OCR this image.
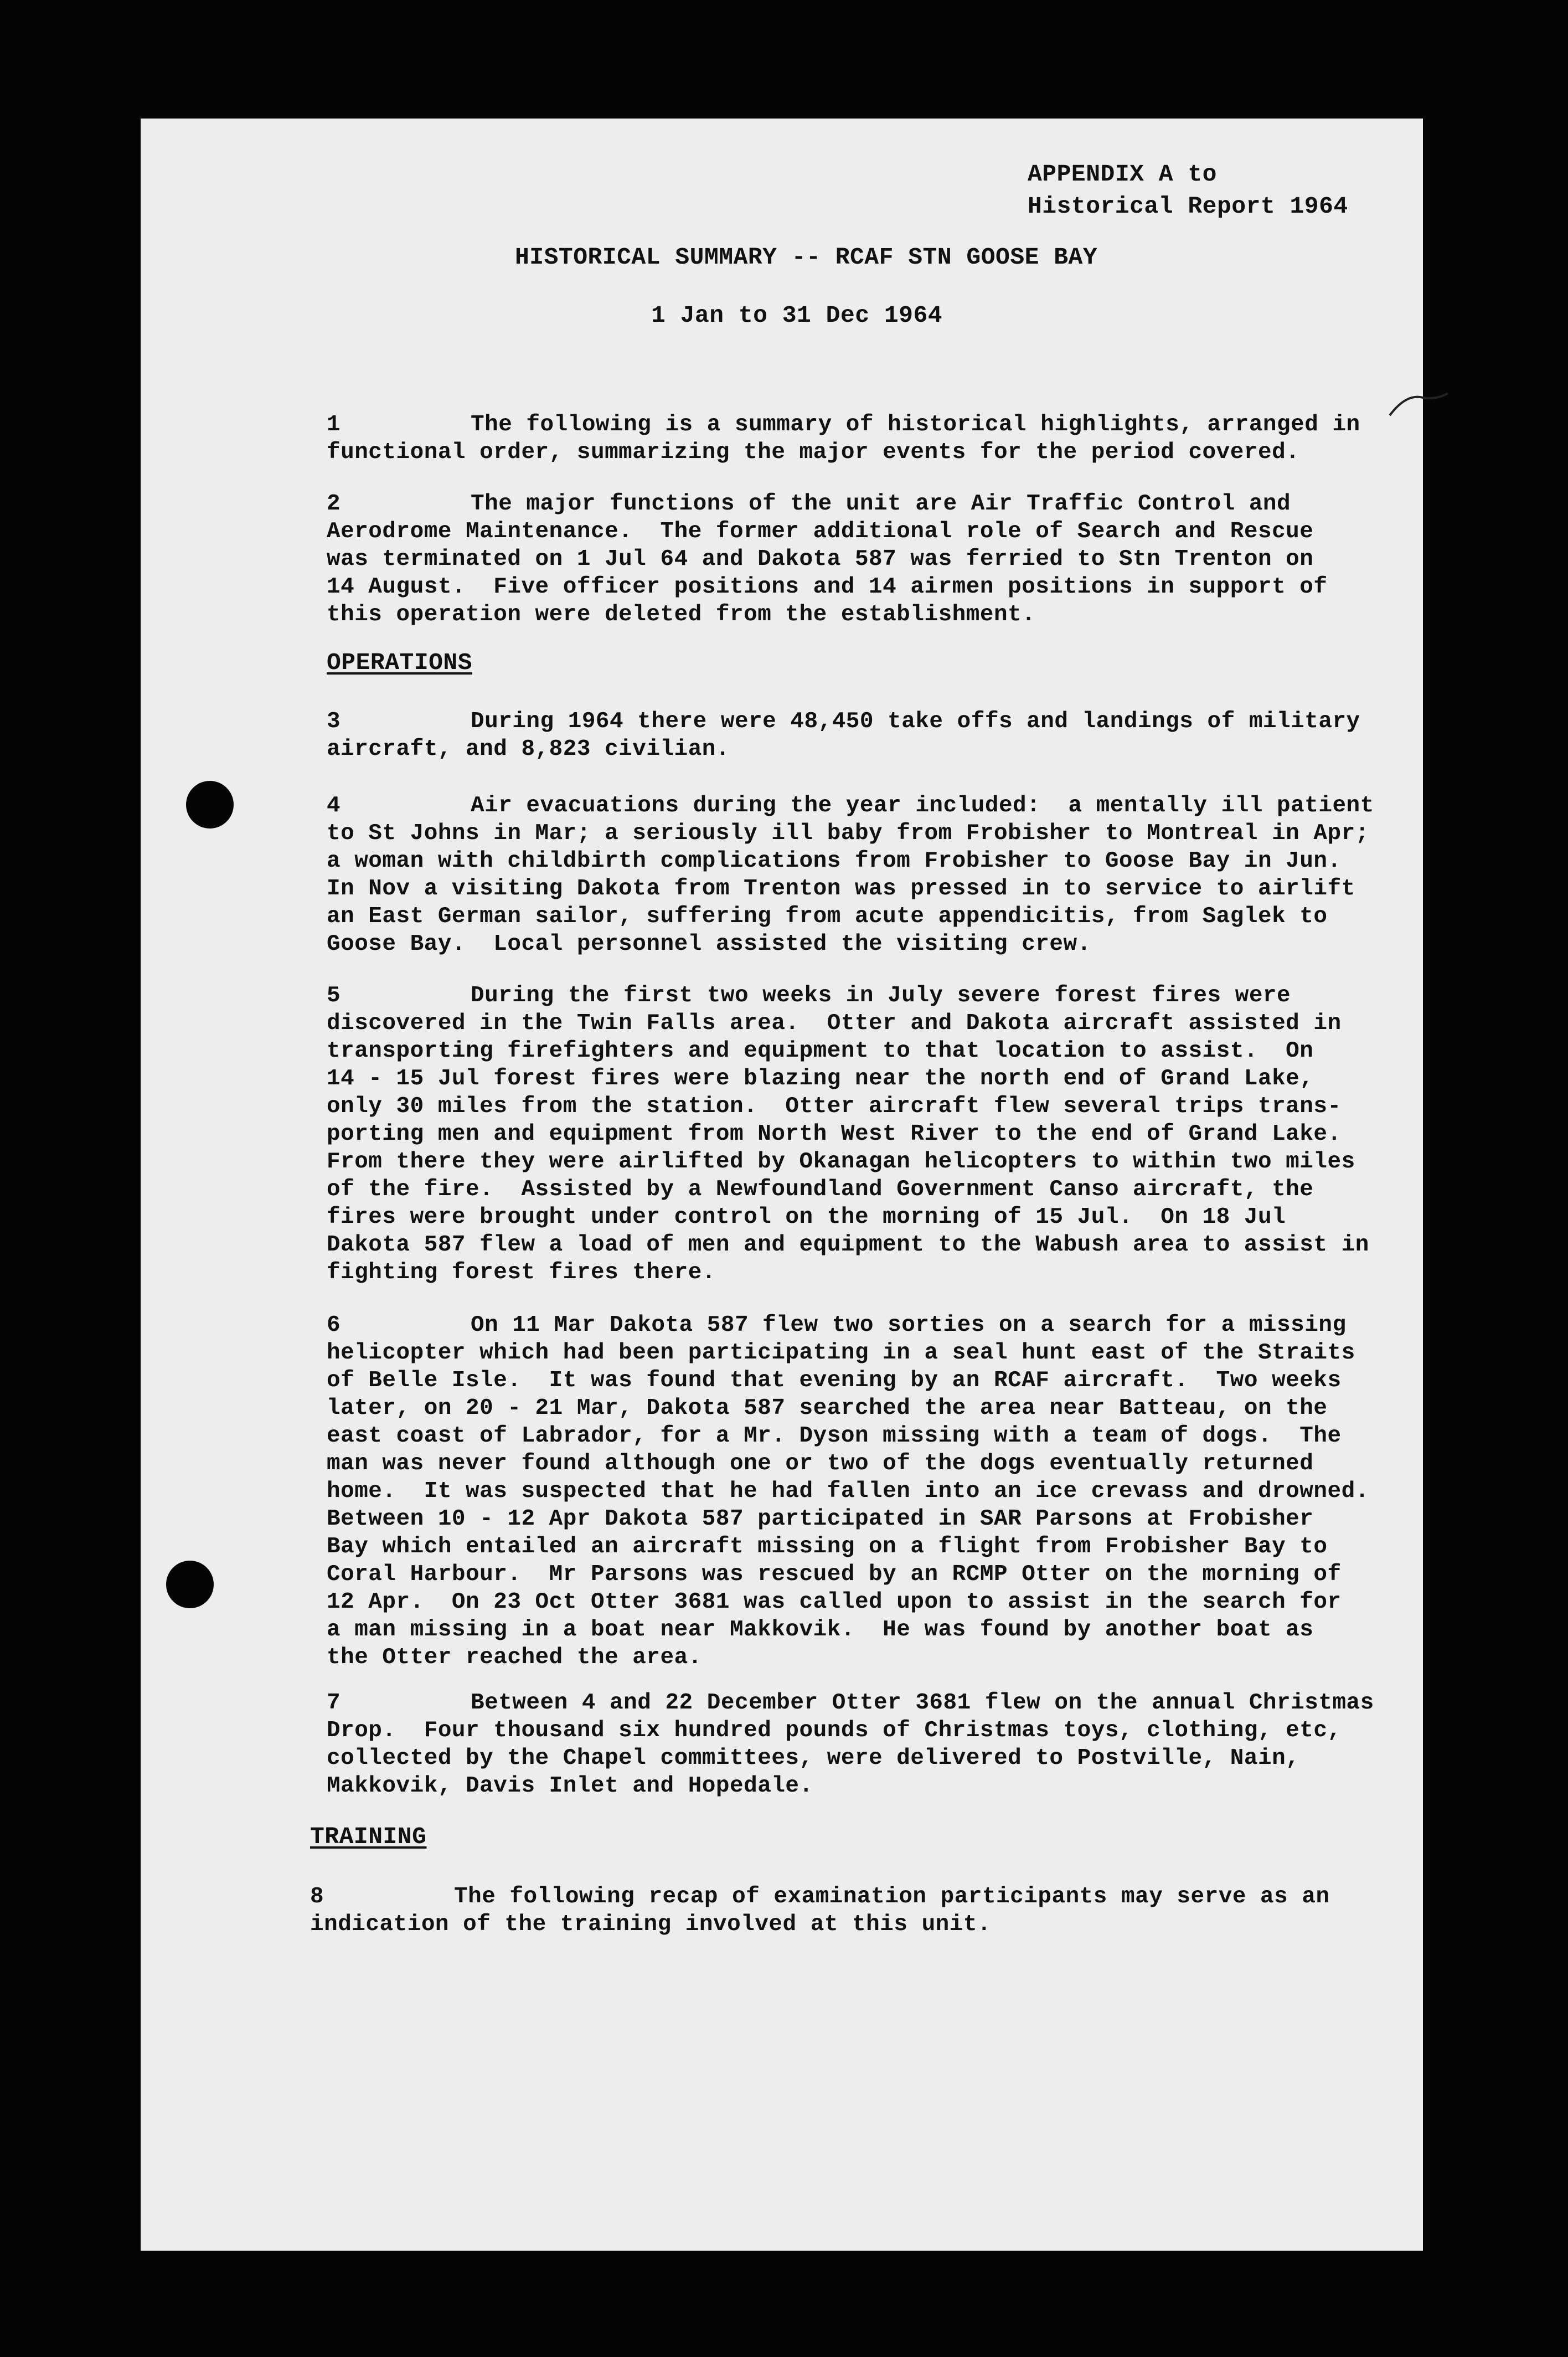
APPENDIX A to
Historical Report 1964
HISTORICAL SUMMARY -- RCAF STN GOOSE BAY
1 Jan to 31 Dec 1964
1	The following is a summary of historical highlights, arranged in
functional order, summarizing the major events for the period covered.
2	The major functions of the unit are Air Traffic Control and
Aerodrome Maintenance.  The former additional role of Search and Rescue
was terminated on 1 Jul 64 and Dakota 587 was ferried to Stn Trenton on
14 August.  Five officer positions and 14 airmen positions in support of
this operation were deleted from the establishment.
OPERATIONS
3	During 1964 there were 48,450 take offs and landings of military
aircraft, and 8,823 civilian.
4	Air evacuations during the year included:  a mentally ill patient
to St Johns in Mar; a seriously ill baby from Frobisher to Montreal in Apr;
a woman with childbirth complications from Frobisher to Goose Bay in Jun.
In Nov a visiting Dakota from Trenton was pressed in to service to airlift
an East German sailor, suffering from acute appendicitis, from Saglek to
Goose Bay.  Local personnel assisted the visiting crew.
5	During the first two weeks in July severe forest fires were
discovered in the Twin Falls area.  Otter and Dakota aircraft assisted in
transporting firefighters and equipment to that location to assist.  On
14 - 15 Jul forest fires were blazing near the north end of Grand Lake,
only 30 miles from the station.  Otter aircraft flew several trips trans-
porting men and equipment from North West River to the end of Grand Lake.
From there they were airlifted by Okanagan helicopters to within two miles
of the fire.  Assisted by a Newfoundland Government Canso aircraft, the
fires were brought under control on the morning of 15 Jul.  On 18 Jul
Dakota 587 flew a load of men and equipment to the Wabush area to assist in
fighting forest fires there.
6	On 11 Mar Dakota 587 flew two sorties on a search for a missing
helicopter which had been participating in a seal hunt east of the Straits
of Belle Isle.  It was found that evening by an RCAF aircraft.  Two weeks
later, on 20 - 21 Mar, Dakota 587 searched the area near Batteau, on the
east coast of Labrador, for a Mr. Dyson missing with a team of dogs.  The
man was never found although one or two of the dogs eventually returned
home.  It was suspected that he had fallen into an ice crevass and drowned.
Between 10 - 12 Apr Dakota 587 participated in SAR Parsons at Frobisher
Bay which entailed an aircraft missing on a flight from Frobisher Bay to
Coral Harbour.  Mr Parsons was rescued by an RCMP Otter on the morning of
12 Apr.  On 23 Oct Otter 3681 was called upon to assist in the search for
a man missing in a boat near Makkovik.  He was found by another boat as
the Otter reached the area.
7	Between 4 and 22 December Otter 3681 flew on the annual Christmas
Drop.  Four thousand six hundred pounds of Christmas toys, clothing, etc,
collected by the Chapel committees, were delivered to Postville, Nain,
Makkovik, Davis Inlet and Hopedale.
TRAINING
8	The following recap of examination participants may serve as an
indication of the training involved at this unit.
